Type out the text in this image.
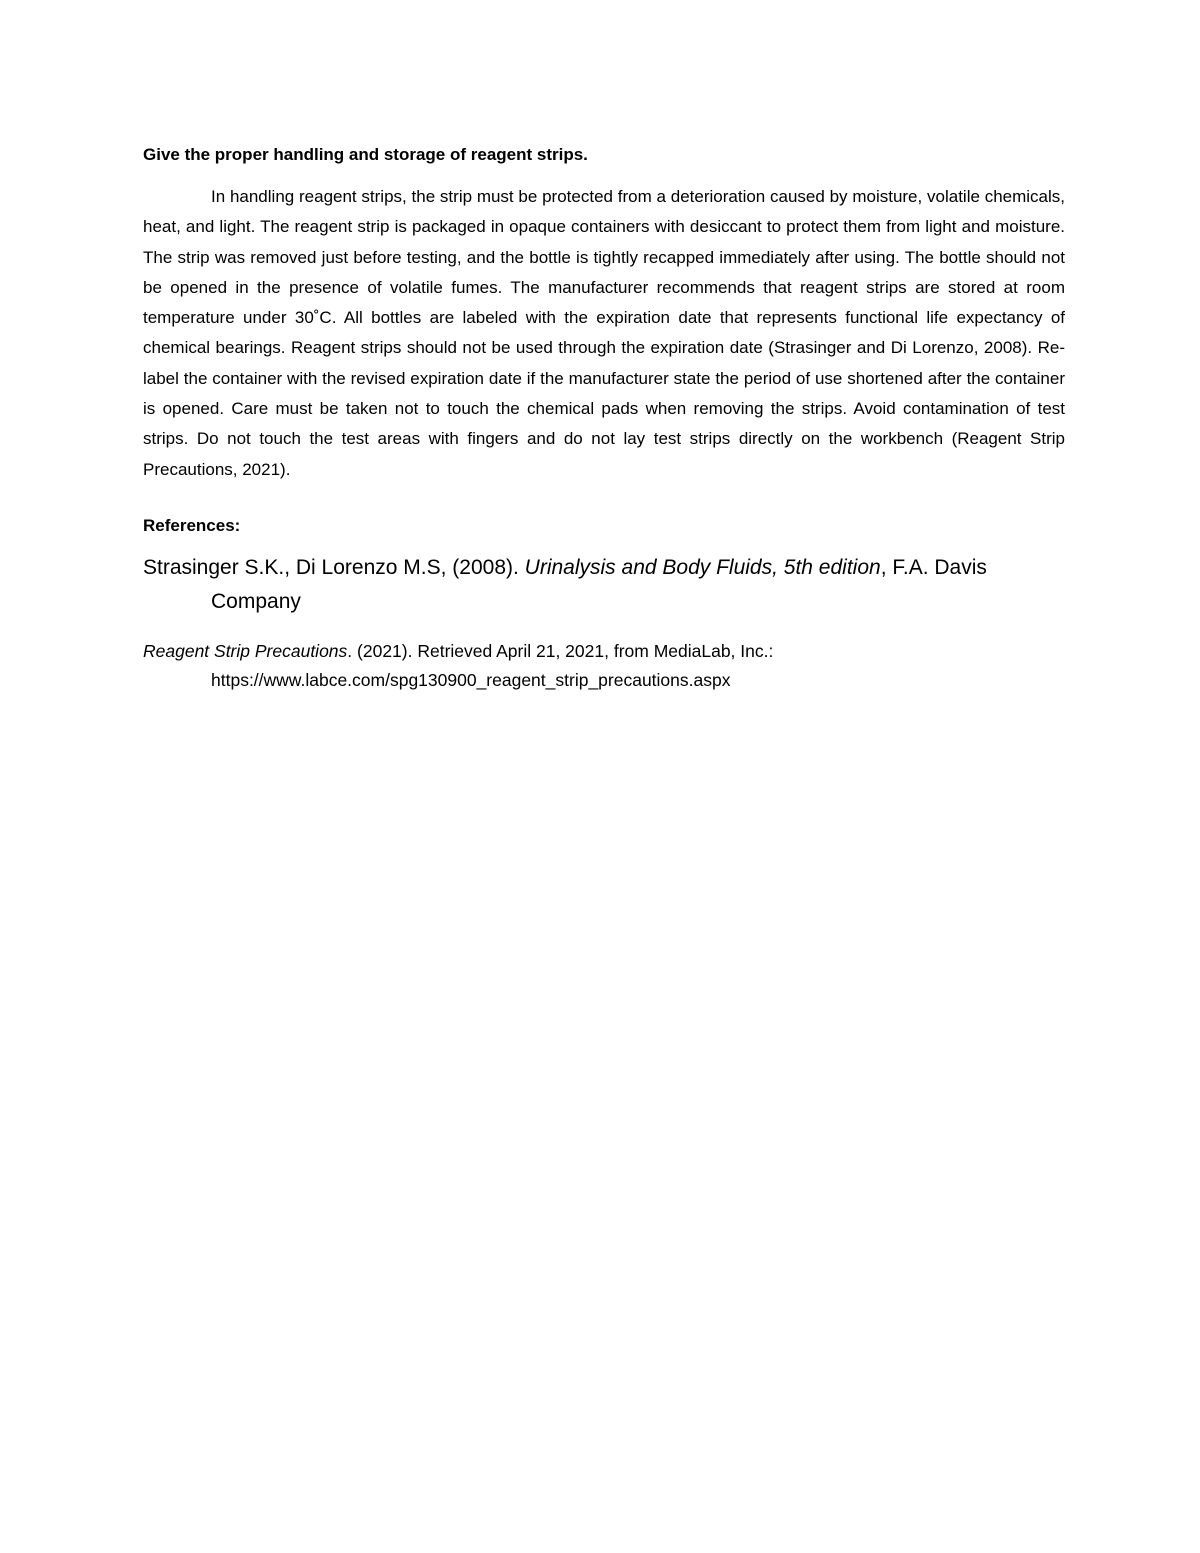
Give the proper handling and storage of reagent strips.

In handling reagent strips, the strip must be protected from a deterioration caused by moisture, volatile chemicals, heat, and light. The reagent strip is packaged in opaque containers with desiccant to protect them from light and moisture. The strip was removed just before testing, and the bottle is tightly recapped immediately after using. The bottle should not be opened in the presence of volatile fumes. The manufacturer recommends that reagent strips are stored at room temperature under 30˚C. All bottles are labeled with the expiration date that represents functional life expectancy of chemical bearings. Reagent strips should not be used through the expiration date (Strasinger and Di Lorenzo, 2008). Re-label the container with the revised expiration date if the manufacturer state the period of use shortened after the container is opened. Care must be taken not to touch the chemical pads when removing the strips. Avoid contamination of test strips. Do not touch the test areas with fingers and do not lay test strips directly on the workbench (Reagent Strip Precautions, 2021).

References:

Strasinger S.K., Di Lorenzo M.S, (2008). Urinalysis and Body Fluids, 5th edition, F.A. Davis Company

Reagent Strip Precautions. (2021). Retrieved April 21, 2021, from MediaLab, Inc.: https://www.labce.com/spg130900_reagent_strip_precautions.aspx
